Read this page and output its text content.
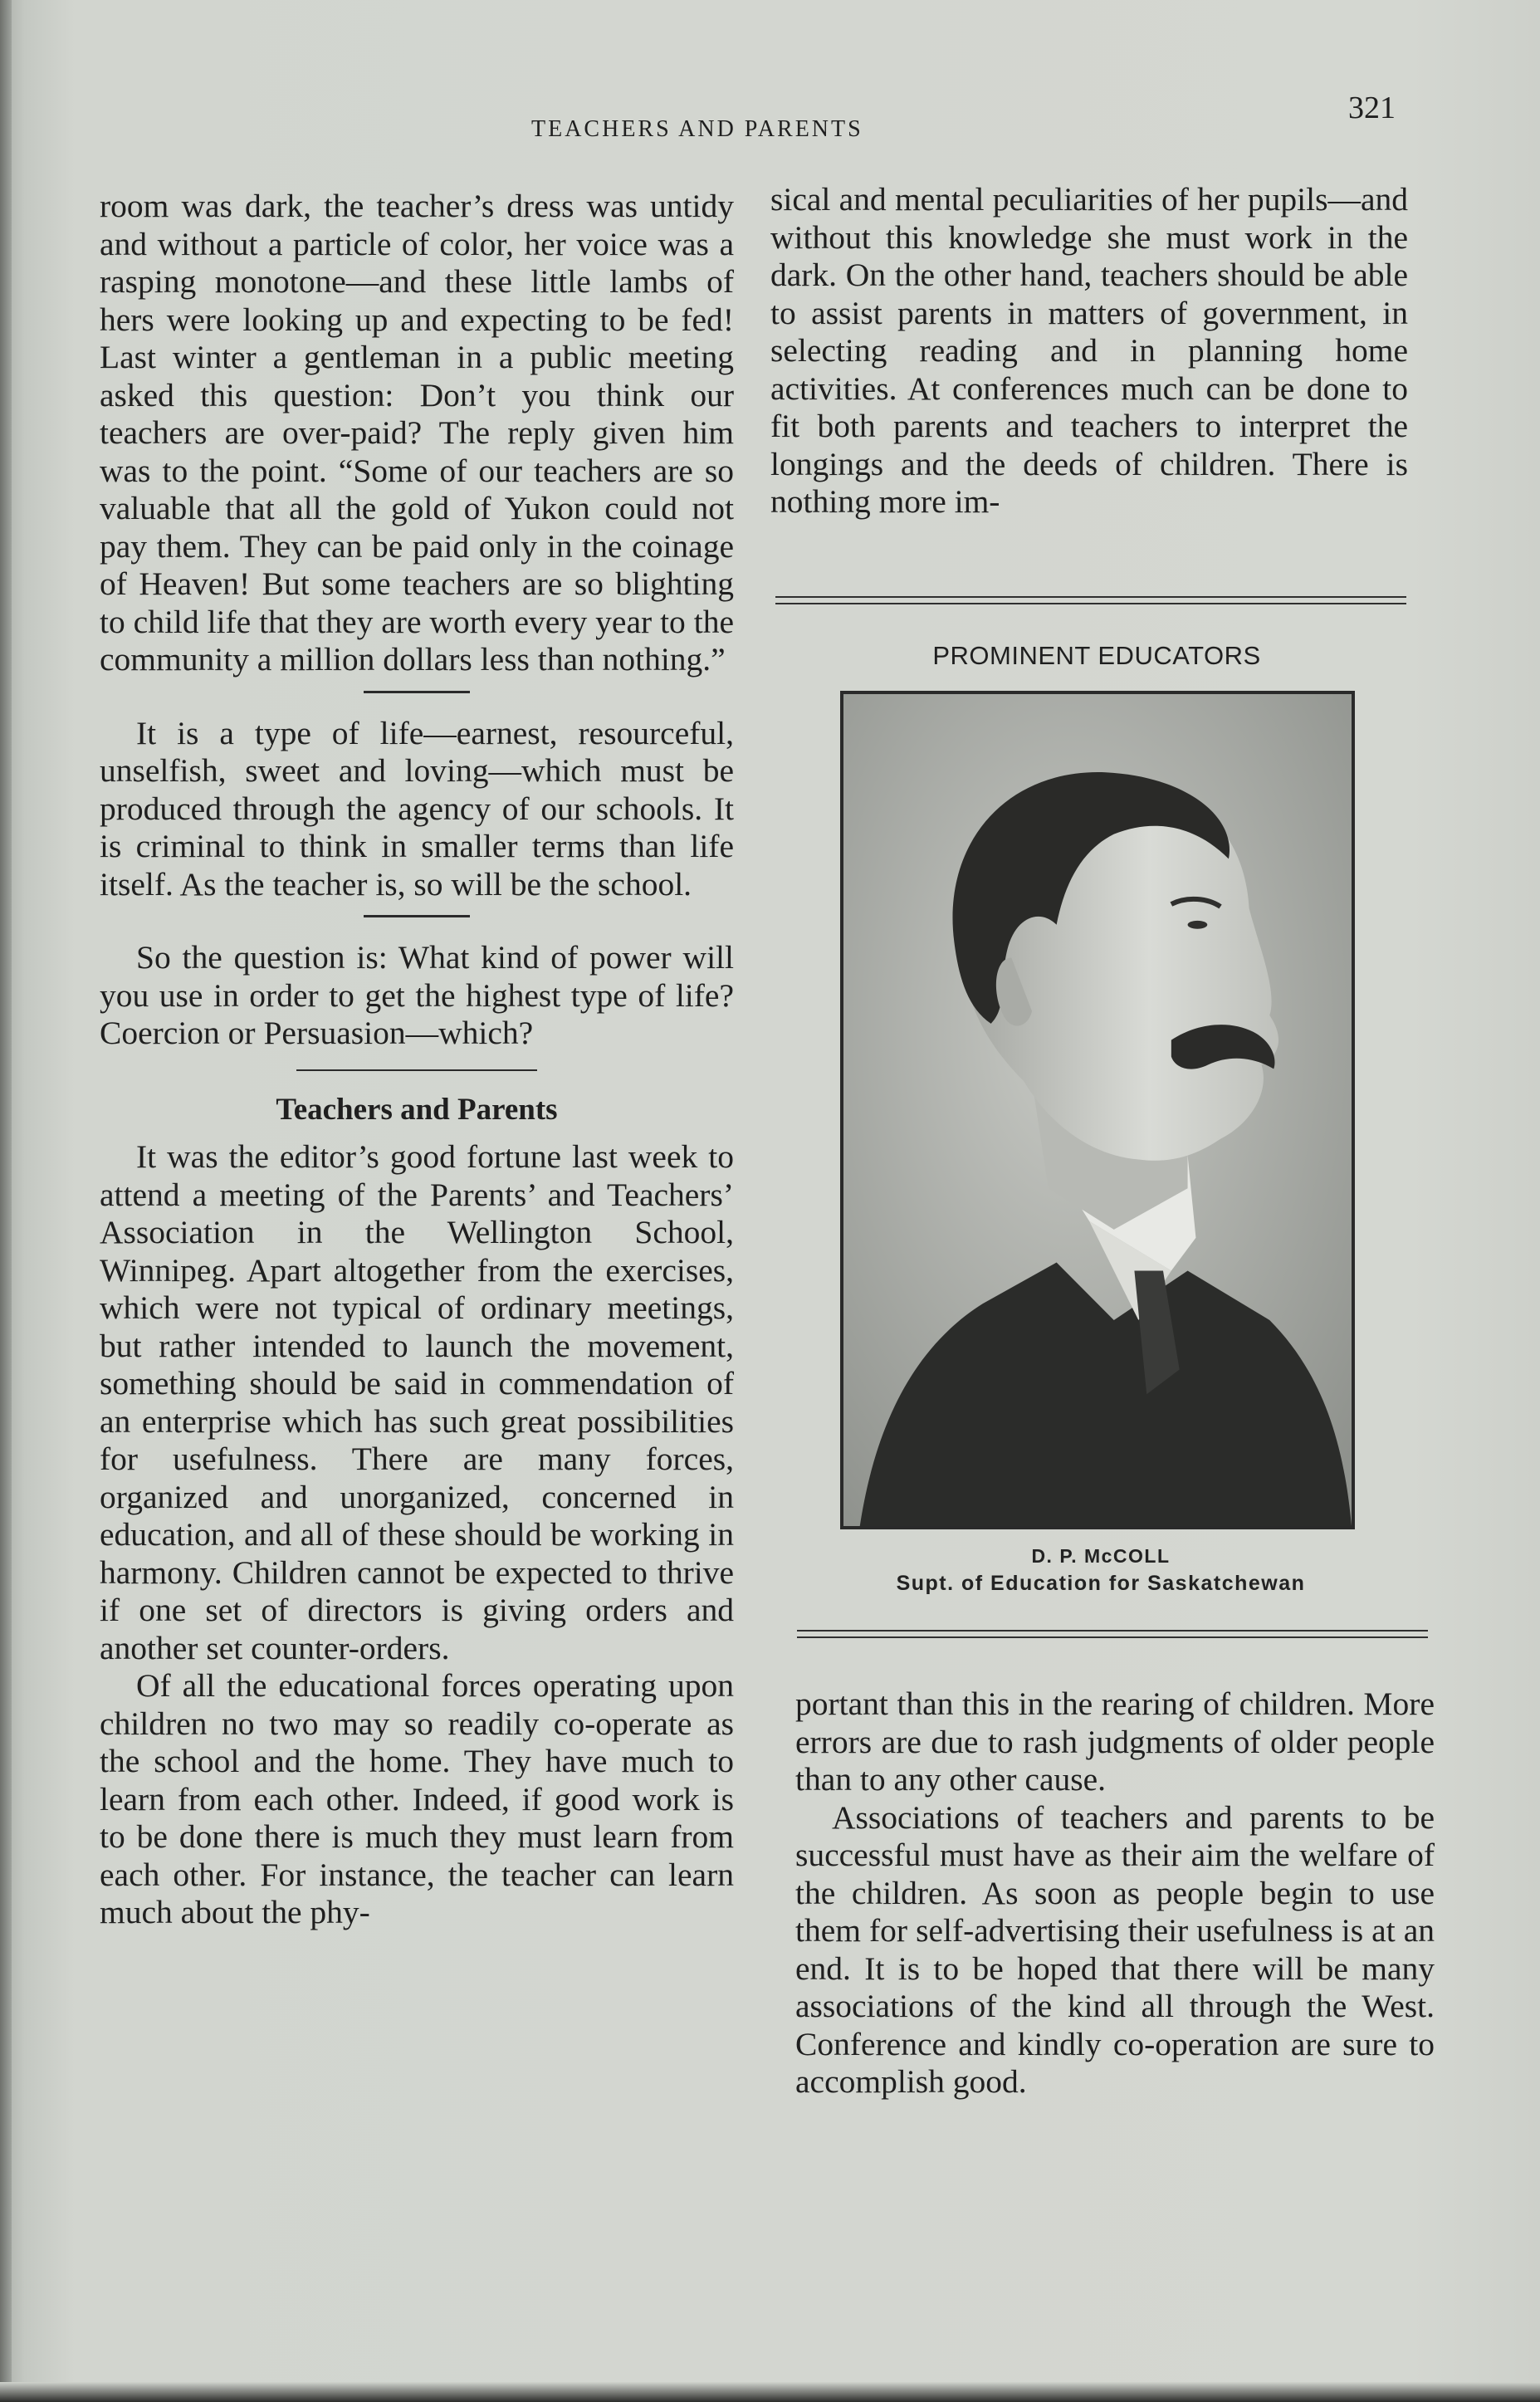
TEACHERS AND PARENTS
321

room was dark, the teacher’s dress was untidy and without a particle of color, her voice was a rasping monotone—and these little lambs of hers were looking up and expecting to be fed! Last winter a gentleman in a public meeting asked this question: Don’t you think our teachers are over-paid? The reply given him was to the point. “Some of our teachers are so valuable that all the gold of Yukon could not pay them. They can be paid only in the coinage of Heaven! But some teachers are so blighting to child life that they are worth every year to the community a million dollars less than nothing.”

It is a type of life—earnest, resourceful, unselfish, sweet and loving—which must be produced through the agency of our schools. It is criminal to think in smaller terms than life itself. As the teacher is, so will be the school.

So the question is: What kind of power will you use in order to get the highest type of life? Coercion or Persuasion—which?

Teachers and Parents

It was the editor’s good fortune last week to attend a meeting of the Parents’ and Teachers’ Association in the Wellington School, Winnipeg. Apart altogether from the exercises, which were not typical of ordinary meetings, but rather intended to launch the movement, something should be said in commendation of an enterprise which has such great possibilities for usefulness. There are many forces, organized and unorganized, concerned in education, and all of these should be working in harmony. Children cannot be expected to thrive if one set of directors is giving orders and another set counter-orders.

Of all the educational forces operating upon children no two may so readily co-operate as the school and the home. They have much to learn from each other. Indeed, if good work is to be done there is much they must learn from each other. For instance, the teacher can learn much about the phy-

sical and mental peculiarities of her pupils—and without this knowledge she must work in the dark. On the other hand, teachers should be able to assist parents in matters of government, in selecting reading and in planning home activities. At conferences much can be done to fit both parents and teachers to interpret the longings and the deeds of children. There is nothing more im-

PROMINENT EDUCATORS
D. P. McCOLL
Supt. of Education for Saskatchewan

portant than this in the rearing of children. More errors are due to rash judgments of older people than to any other cause.

Associations of teachers and parents to be successful must have as their aim the welfare of the children. As soon as people begin to use them for self-advertising their usefulness is at an end. It is to be hoped that there will be many associations of the kind all through the West. Conference and kindly co-operation are sure to accomplish good.
